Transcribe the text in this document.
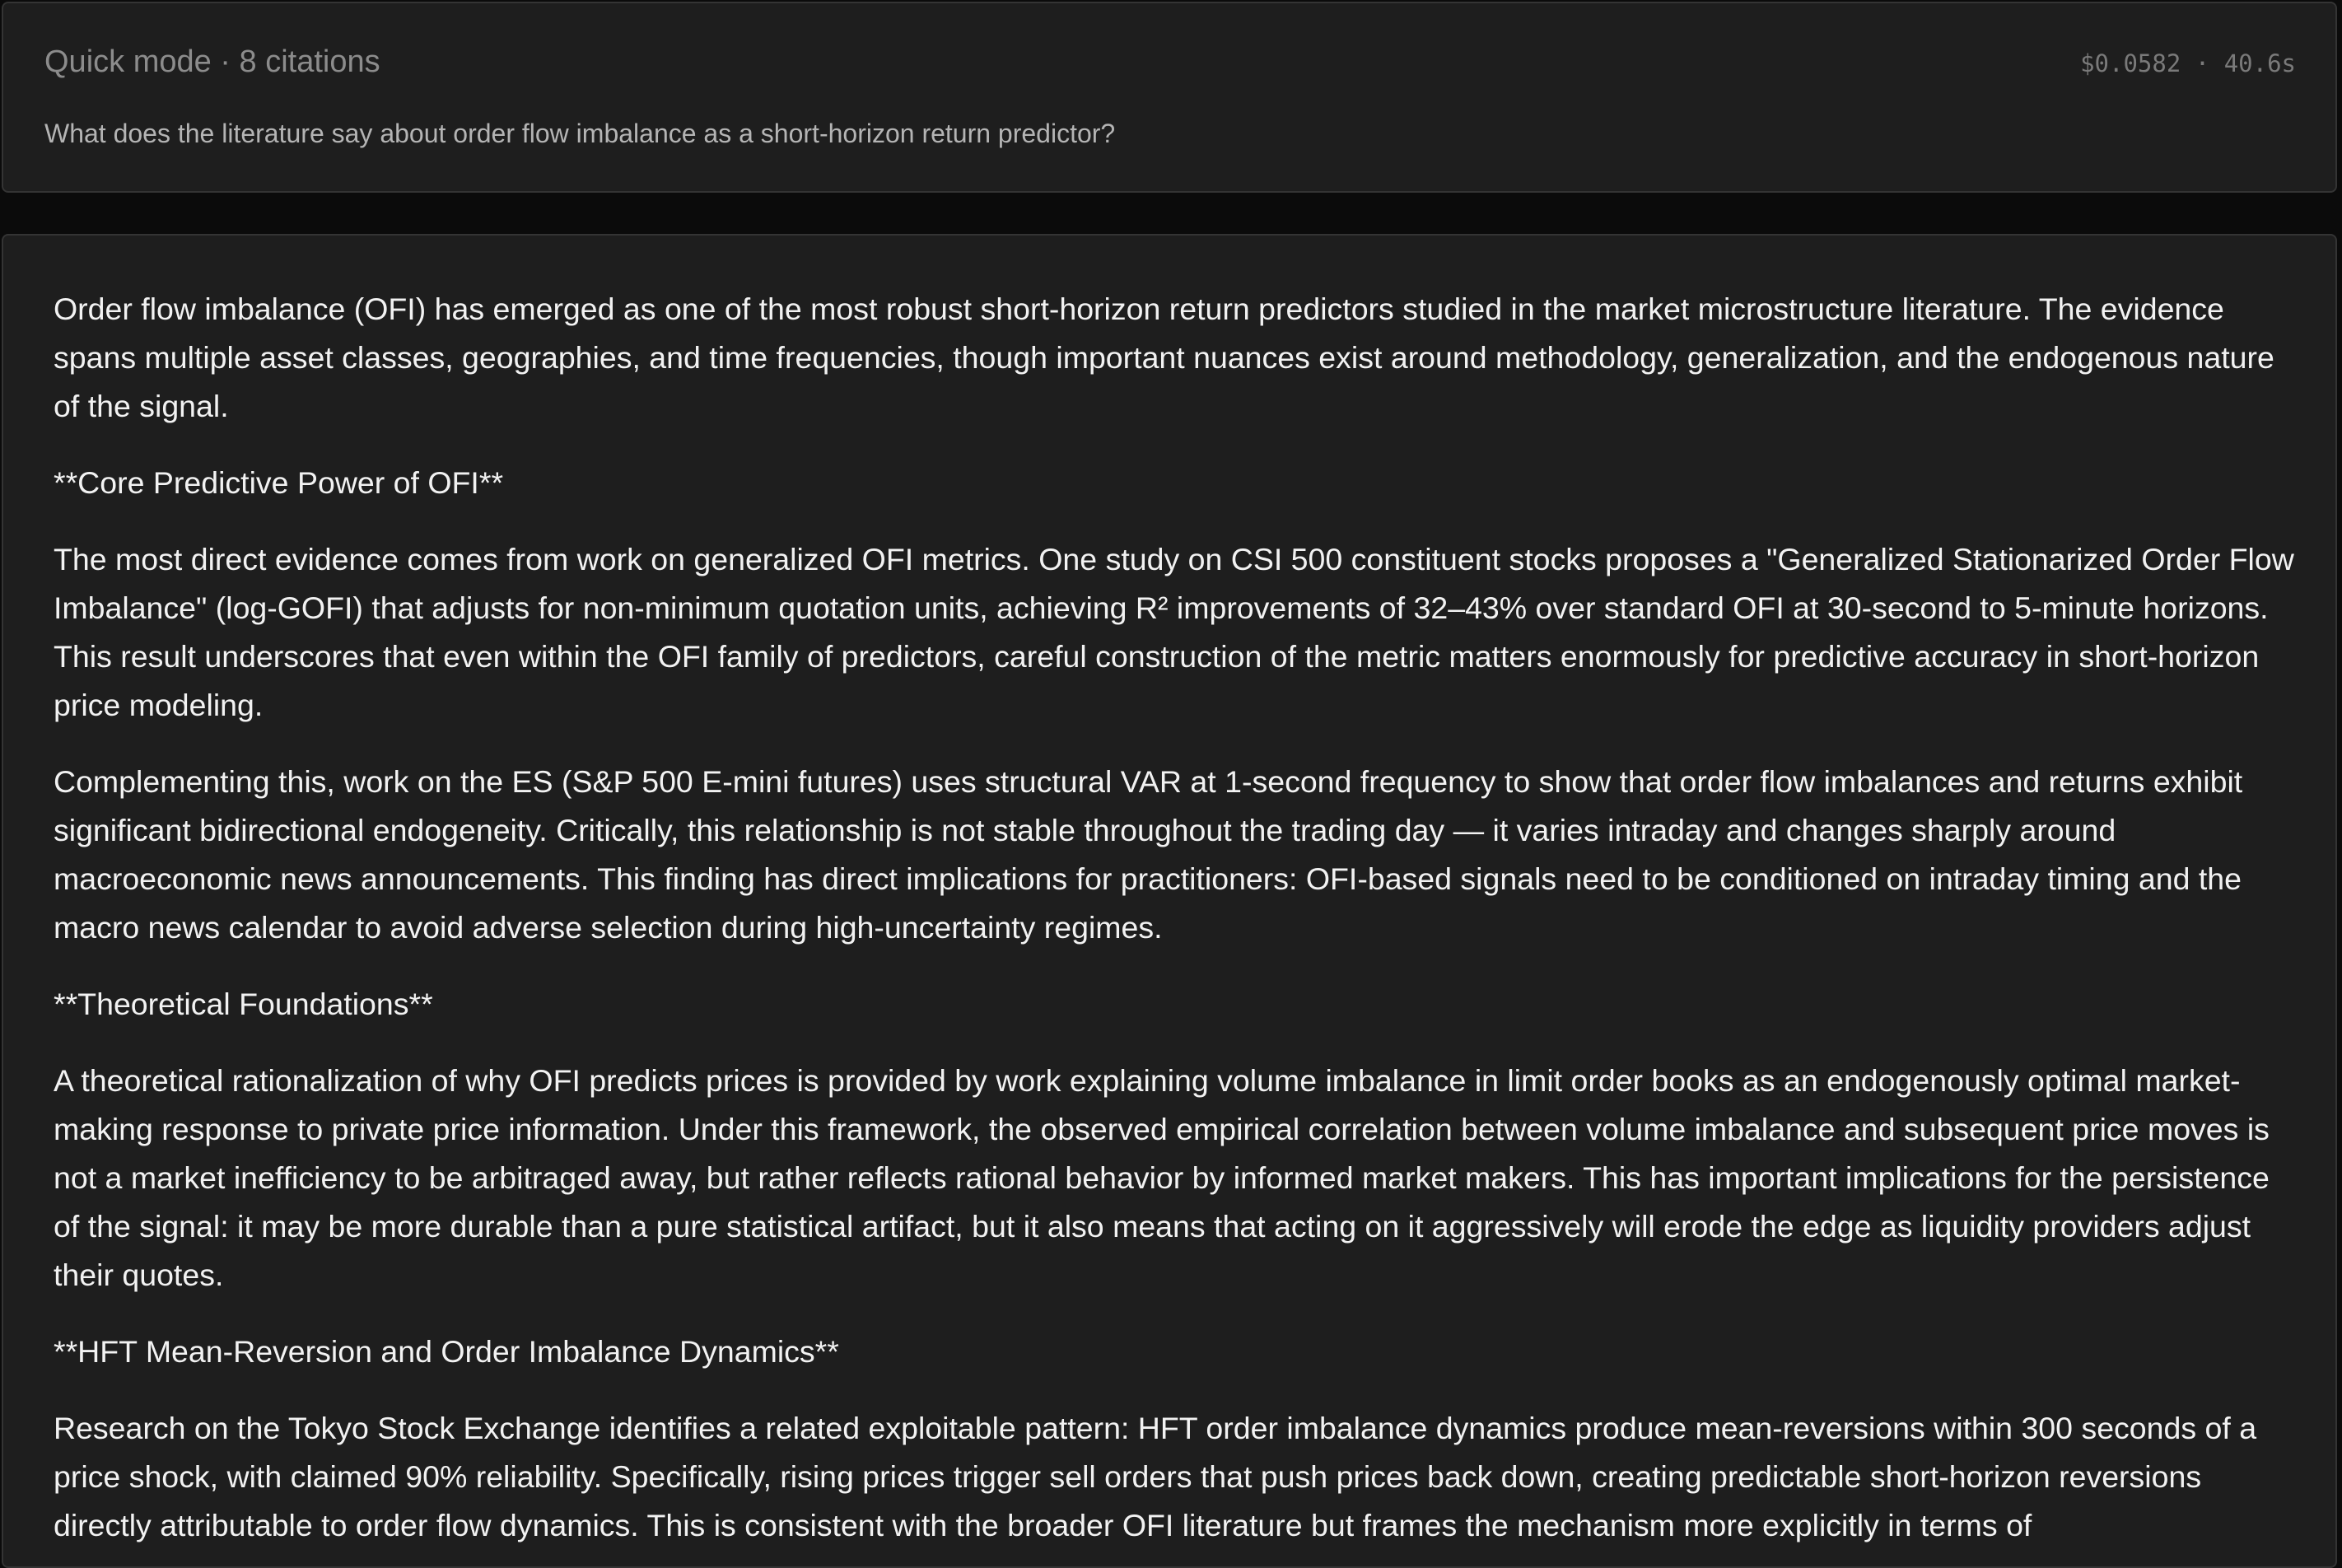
Quick mode · 8 citations	$0.0582 · 40.6s
What does the literature say about order flow imbalance as a short-horizon return predictor?

Order flow imbalance (OFI) has emerged as one of the most robust short-horizon return predictors studied in the market microstructure literature. The evidence spans multiple asset classes, geographies, and time frequencies, though important nuances exist around methodology, generalization, and the endogenous nature of the signal.

**Core Predictive Power of OFI**

The most direct evidence comes from work on generalized OFI metrics. One study on CSI 500 constituent stocks proposes a "Generalized Stationarized Order Flow Imbalance" (log-GOFI) that adjusts for non-minimum quotation units, achieving R² improvements of 32–43% over standard OFI at 30-second to 5-minute horizons. This result underscores that even within the OFI family of predictors, careful construction of the metric matters enormously for predictive accuracy in short-horizon price modeling.

Complementing this, work on the ES (S&P 500 E-mini futures) uses structural VAR at 1-second frequency to show that order flow imbalances and returns exhibit significant bidirectional endogeneity. Critically, this relationship is not stable throughout the trading day — it varies intraday and changes sharply around macroeconomic news announcements. This finding has direct implications for practitioners: OFI-based signals need to be conditioned on intraday timing and the macro news calendar to avoid adverse selection during high-uncertainty regimes.

**Theoretical Foundations**

A theoretical rationalization of why OFI predicts prices is provided by work explaining volume imbalance in limit order books as an endogenously optimal market-making response to private price information. Under this framework, the observed empirical correlation between volume imbalance and subsequent price moves is not a market inefficiency to be arbitraged away, but rather reflects rational behavior by informed market makers. This has important implications for the persistence of the signal: it may be more durable than a pure statistical artifact, but it also means that acting on it aggressively will erode the edge as liquidity providers adjust their quotes.

**HFT Mean-Reversion and Order Imbalance Dynamics**

Research on the Tokyo Stock Exchange identifies a related exploitable pattern: HFT order imbalance dynamics produce mean-reversions within 300 seconds of a price shock, with claimed 90% reliability. Specifically, rising prices trigger sell orders that push prices back down, creating predictable short-horizon reversions directly attributable to order flow dynamics. This is consistent with the broader OFI literature but frames the mechanism more explicitly in terms of
